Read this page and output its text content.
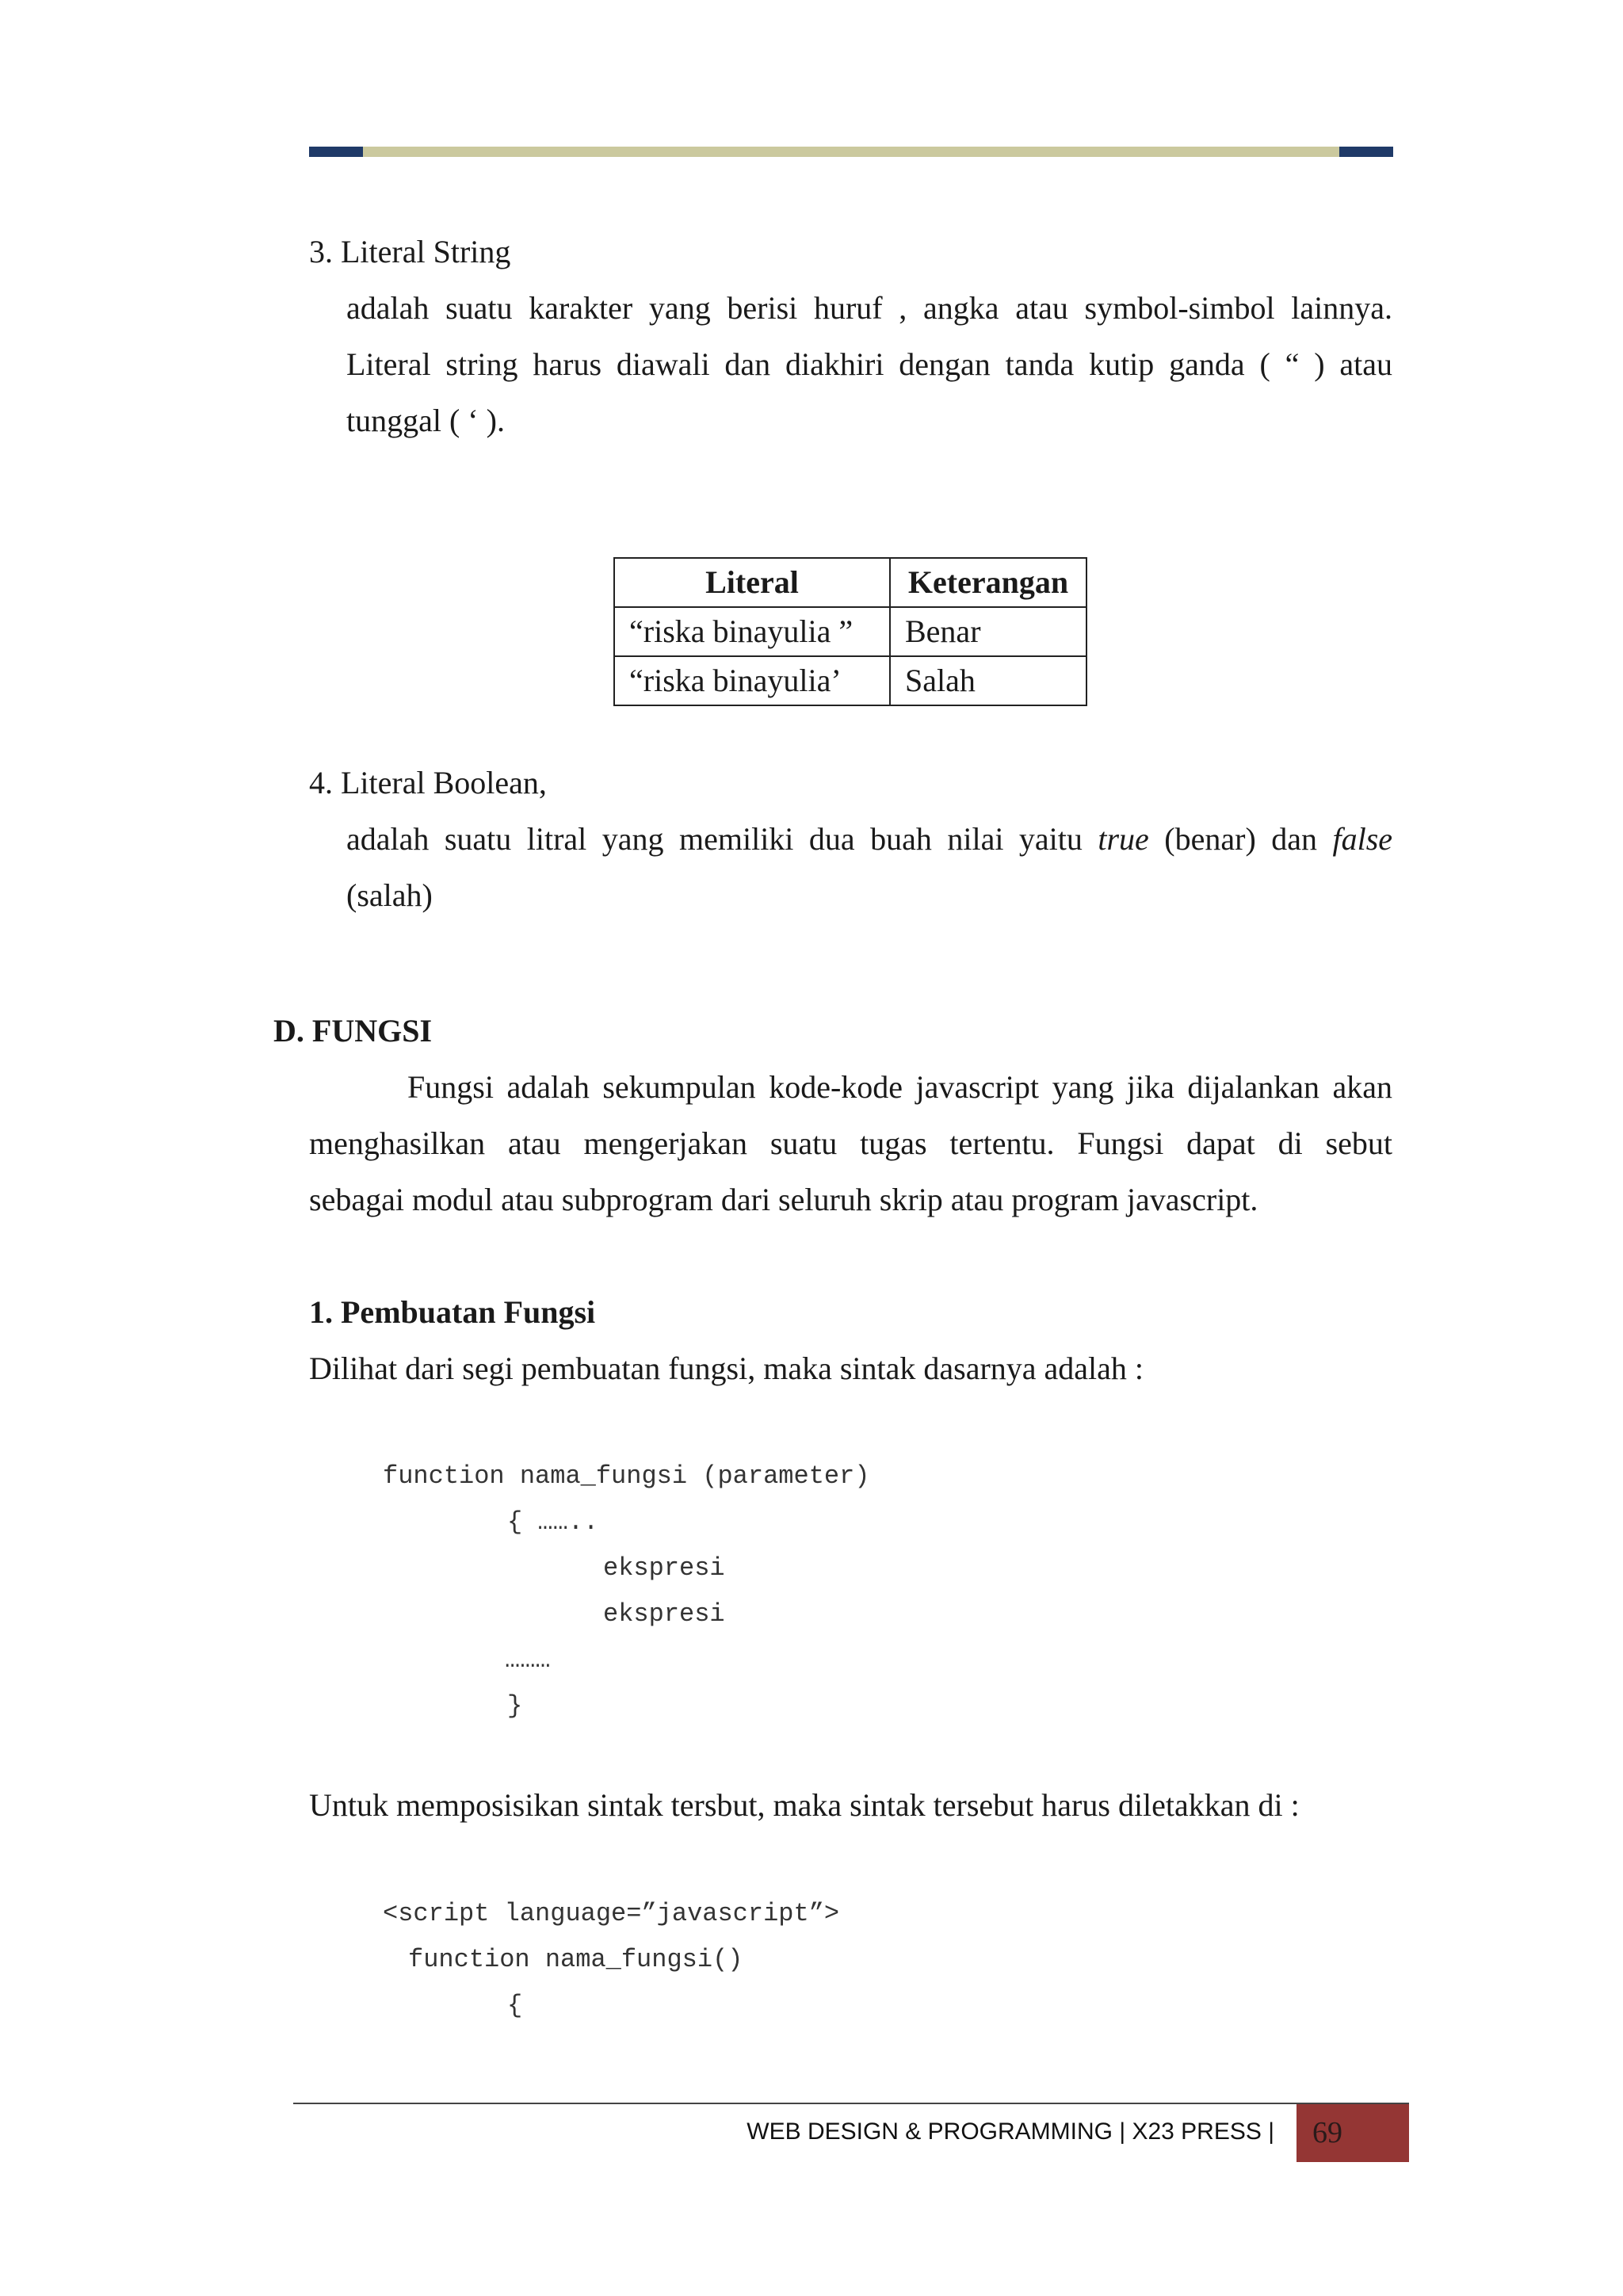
3. Literal String
adalah suatu karakter yang berisi huruf , angka atau symbol-simbol lainnya.
Literal string harus diawali dan diakhiri dengan tanda kutip ganda ( “ ) atau
tunggal ( ‘ ).
Literal	Keterangan
“riska binayulia ”	Benar
“riska binayulia’	Salah
4. Literal Boolean,
adalah suatu litral yang memiliki dua buah nilai yaitu true (benar) dan false
(salah)
D. FUNGSI
Fungsi adalah sekumpulan kode-kode javascript yang jika dijalankan akan
menghasilkan atau mengerjakan suatu tugas tertentu. Fungsi dapat di sebut
sebagai modul atau subprogram dari seluruh skrip atau program javascript.
1. Pembuatan Fungsi
Dilihat dari segi pembuatan fungsi, maka sintak dasarnya adalah :
function nama_fungsi (parameter)
{ ……..
ekspresi
ekspresi
………
}
Untuk memposisikan sintak tersbut, maka sintak tersebut harus diletakkan di :
<script language=”javascript”>
function nama_fungsi()
{
WEB DESIGN & PROGRAMMING | X23 PRESS |	69
